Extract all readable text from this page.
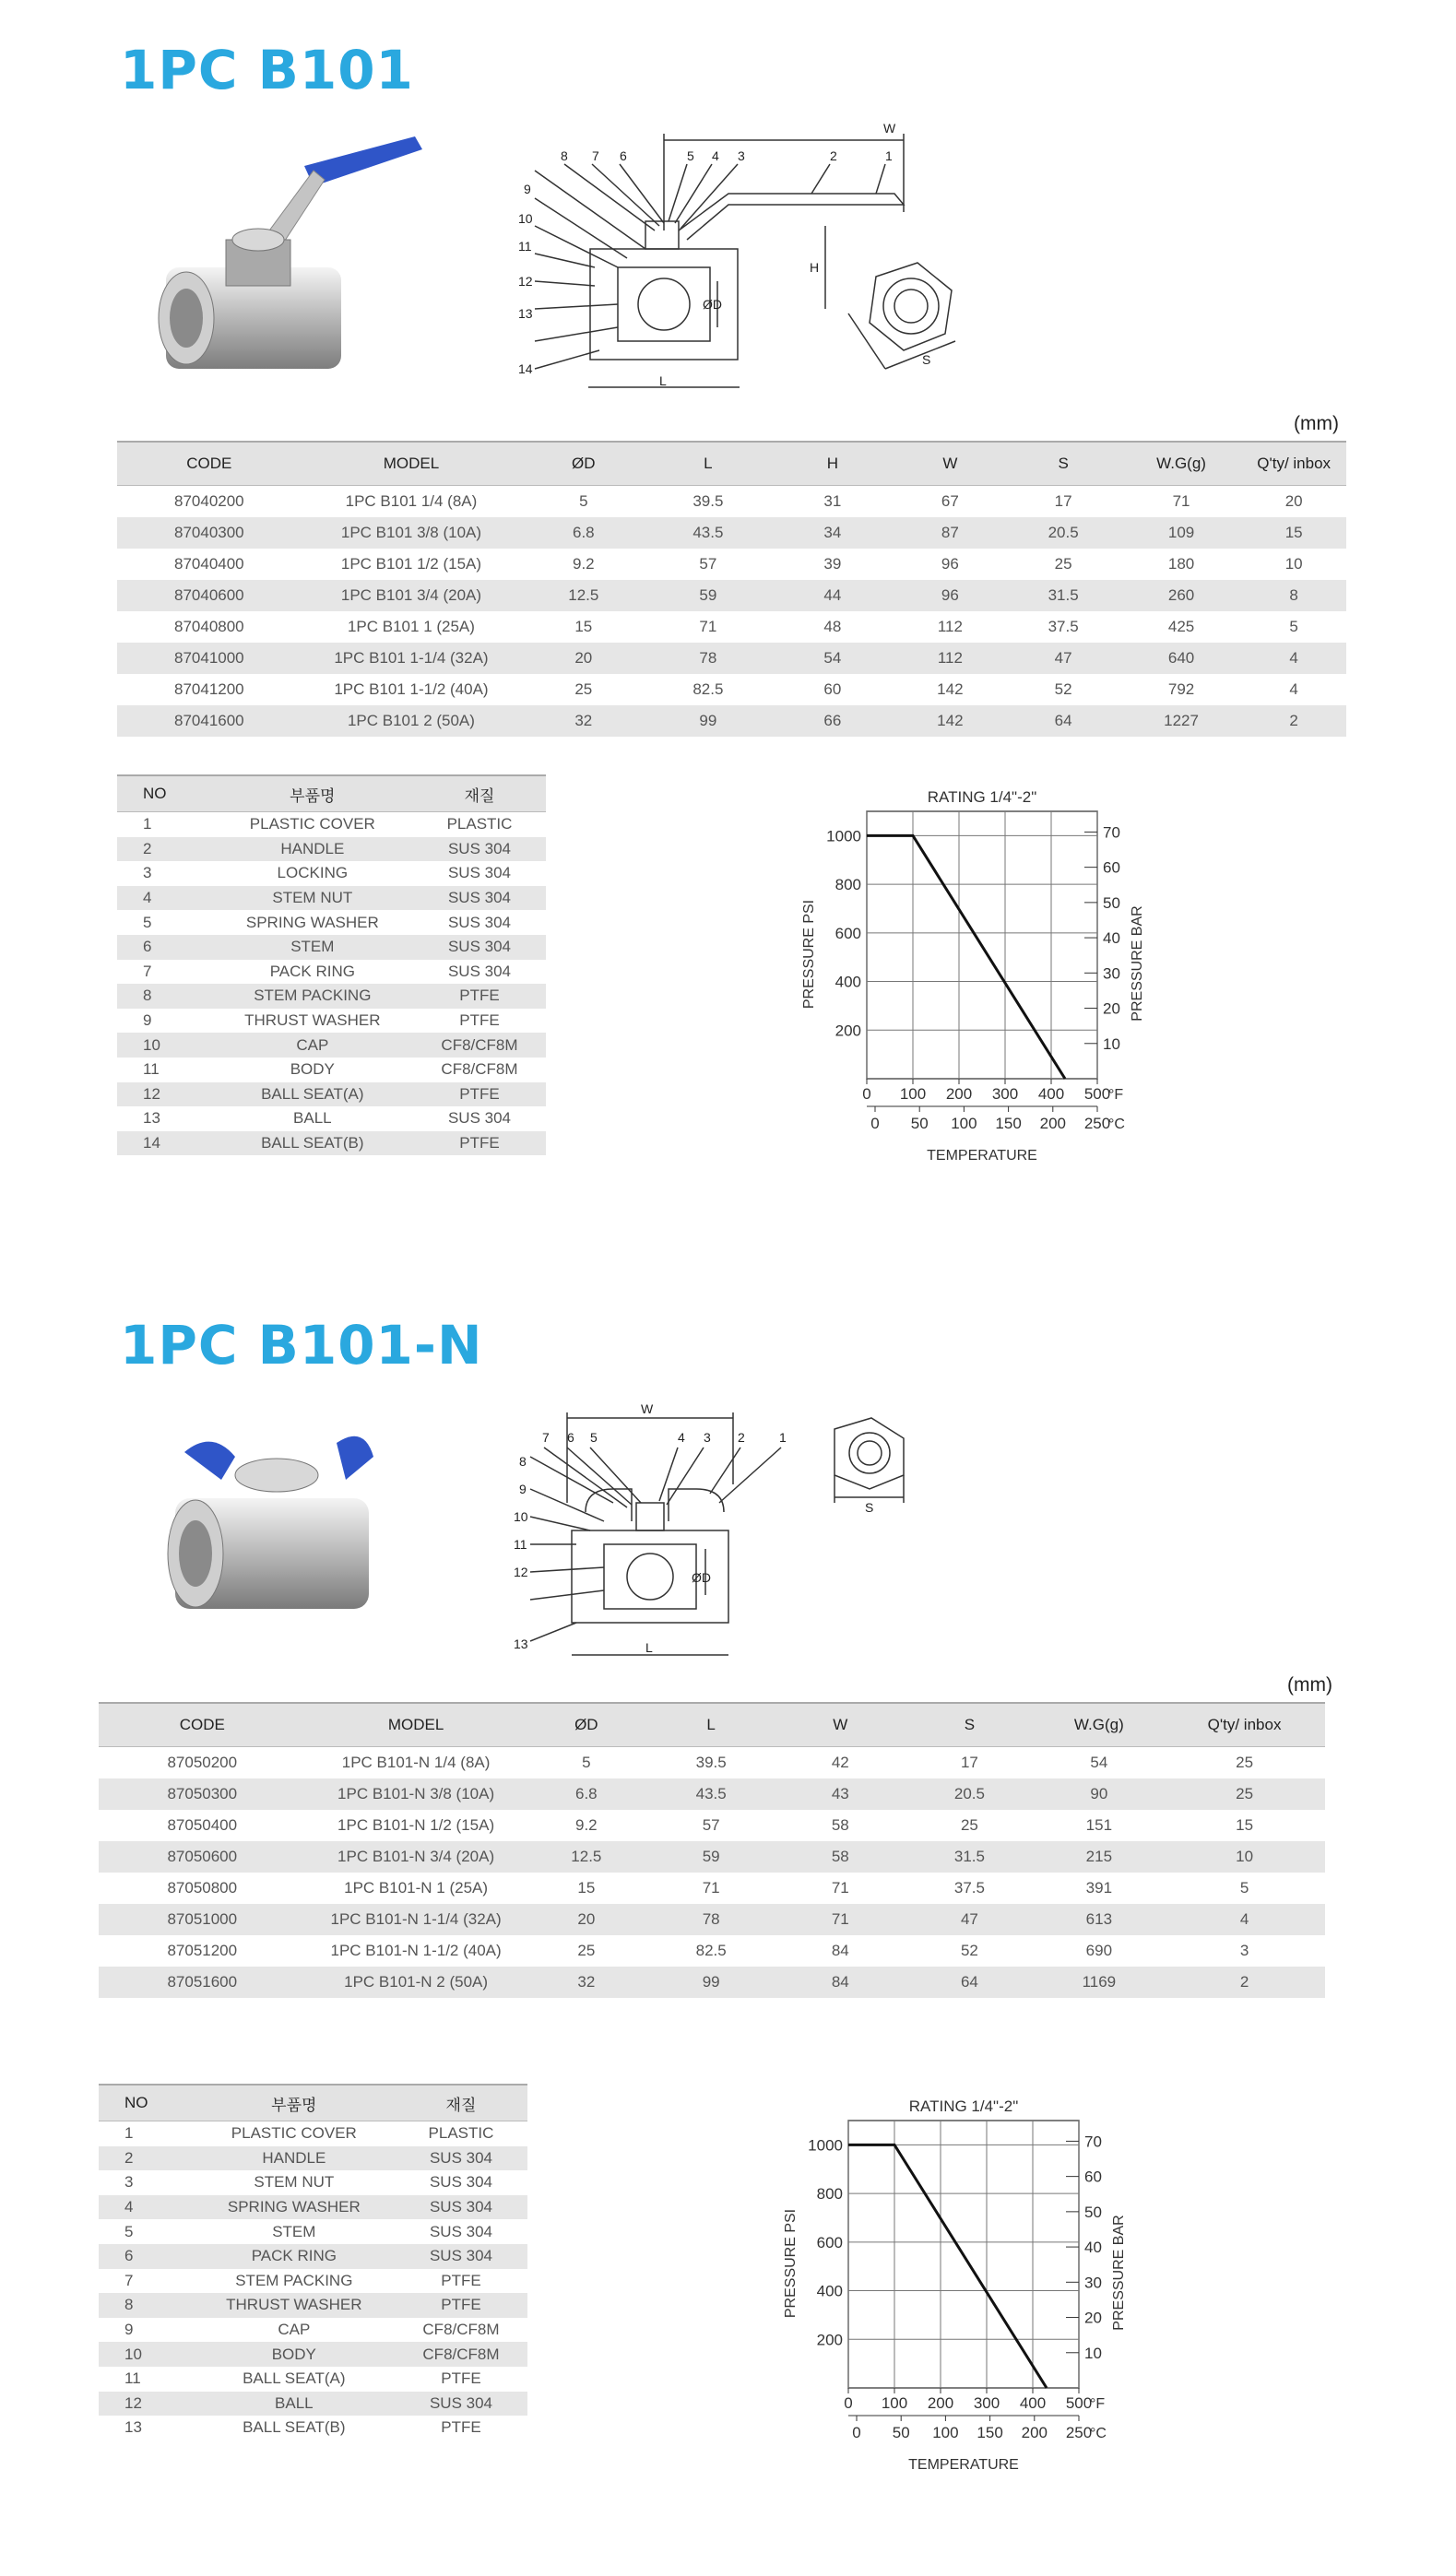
1PC B101
W
H
ØD
L
S
1
2
3
4
5
6
7
8
9
10
11
12
13
14
(mm)
CODE	MODEL	ØD	L	H	W	S	W.G(g)	Q'ty/ inbox
87040200	1PC B101 1/4 (8A)	5	39.5	31	67	17	71	20
87040300	1PC B101 3/8 (10A)	6.8	43.5	34	87	20.5	109	15
87040400	1PC B101 1/2 (15A)	9.2	57	39	96	25	180	10
87040600	1PC B101 3/4 (20A)	12.5	59	44	96	31.5	260	8
87040800	1PC B101 1 (25A)	15	71	48	112	37.5	425	5
87041000	1PC B101 1-1/4 (32A)	20	78	54	112	47	640	4
87041200	1PC B101 1-1/2 (40A)	25	82.5	60	142	52	792	4
87041600	1PC B101 2 (50A)	32	99	66	142	64	1227	2
NO	부품명	재질
1	PLASTIC COVER	PLASTIC
2	HANDLE	SUS 304
3	LOCKING	SUS 304
4	STEM NUT	SUS 304
5	SPRING WASHER	SUS 304
6	STEM	SUS 304
7	PACK RING	SUS 304
8	STEM PACKING	PTFE
9	THRUST WASHER	PTFE
10	CAP	CF8/CF8M
11	BODY	CF8/CF8M
12	BALL SEAT(A)	PTFE
13	BALL	SUS 304
14	BALL SEAT(B)	PTFE
RATING 1/4"-2"
0 100 200 300 400 500
°F
0 50 100 150 200 250
°C
TEMPERATURE
200
400
600
800
1000
PRESSURE PSI
10
20
30
40
50
60
70
PRESSURE BAR
1PC B101-N
W
ØD
L
S
1
2
3
4
5
6
7
8
9
10
11
12
13
(mm)
CODE	MODEL	ØD	L	W	S	W.G(g)	Q'ty/ inbox
87050200	1PC B101-N 1/4 (8A)	5	39.5	42	17	54	25
87050300	1PC B101-N 3/8 (10A)	6.8	43.5	43	20.5	90	25
87050400	1PC B101-N 1/2 (15A)	9.2	57	58	25	151	15
87050600	1PC B101-N 3/4 (20A)	12.5	59	58	31.5	215	10
87050800	1PC B101-N 1 (25A)	15	71	71	37.5	391	5
87051000	1PC B101-N 1-1/4 (32A)	20	78	71	47	613	4
87051200	1PC B101-N 1-1/2 (40A)	25	82.5	84	52	690	3
87051600	1PC B101-N 2 (50A)	32	99	84	64	1169	2
NO	부품명	재질
1	PLASTIC COVER	PLASTIC
2	HANDLE	SUS 304
3	STEM NUT	SUS 304
4	SPRING WASHER	SUS 304
5	STEM	SUS 304
6	PACK RING	SUS 304
7	STEM PACKING	PTFE
8	THRUST WASHER	PTFE
9	CAP	CF8/CF8M
10	BODY	CF8/CF8M
11	BALL SEAT(A)	PTFE
12	BALL	SUS 304
13	BALL SEAT(B)	PTFE
RATING 1/4"-2"
0 100 200 300 400 500
°F
0 50 100 150 200 250
°C
TEMPERATURE
200
400
600
800
1000
PRESSURE PSI
10
20
30
40
50
60
70
PRESSURE BAR
